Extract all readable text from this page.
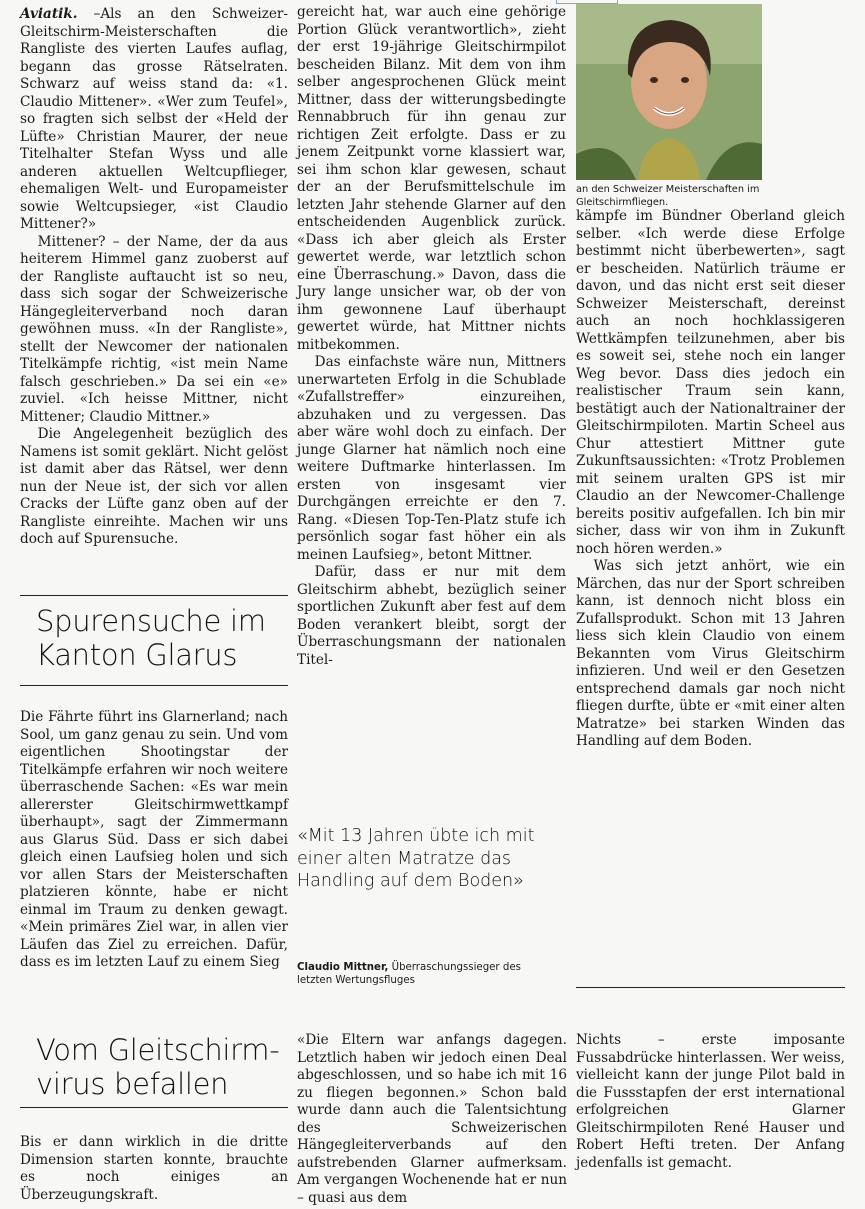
Aviatik. –Als an den Schweizer-Gleitschirm-Meisterschaften die Rangliste des vierten Laufes auflag, begann das grosse Rätselraten. Schwarz auf weiss stand da: «1. Claudio Mittener». «Wer zum Teufel», so fragten sich selbst der «Held der Lüfte» Christian Maurer, der neue Titelhalter Stefan Wyss und alle anderen aktuellen Weltcupflieger, ehemaligen Welt- und Europameister sowie Weltcupsieger, «ist Claudio Mittener?»

Mittener? – der Name, der da aus heiterem Himmel ganz zuoberst auf der Rangliste auftaucht ist so neu, dass sich sogar der Schweizerische Hängegleiterverband noch daran gewöhnen muss. «In der Rangliste», stellt der Newcomer der nationalen Titelkämpfe richtig, «ist mein Name falsch geschrieben.» Da sei ein «e» zuviel. «Ich heisse Mittner, nicht Mittener; Claudio Mittner.»

Die Angelegenheit bezüglich des Namens ist somit geklärt. Nicht gelöst ist damit aber das Rätsel, wer denn nun der Neue ist, der sich vor allen Cracks der Lüfte ganz oben auf der Rangliste einreihte. Machen wir uns doch auf Spurensuche.

Spurensuche im Kanton Glarus

Die Fährte führt ins Glarnerland; nach Sool, um ganz genau zu sein. Und vom eigentlichen Shootingstar der Titelkämpfe erfahren wir noch weitere überraschende Sachen: «Es war mein allererster Gleitschirmwettkampf überhaupt», sagt der Zimmermann aus Glarus Süd. Dass er sich dabei gleich einen Laufsieg holen und sich vor allen Stars der Meisterschaften platzieren könnte, habe er nicht einmal im Traum zu denken gewagt. «Mein primäres Ziel war, in allen vier Läufen das Ziel zu erreichen. Dafür, dass es im letzten Lauf zu einem Sieg

gereicht hat, war auch eine gehörige Portion Glück verantwortlich», zieht der erst 19-jährige Gleitschirmpilot bescheiden Bilanz. Mit dem von ihm selber angesprochenen Glück meint Mittner, dass der witterungsbedingte Rennabbruch für ihn genau zur richtigen Zeit erfolgte. Dass er zu jenem Zeitpunkt vorne klassiert war, sei ihm schon klar gewesen, schaut der an der Berufsmittelschule im letzten Jahr stehende Glarner auf den entscheidenden Augenblick zurück. «Dass ich aber gleich als Erster gewertet werde, war letztlich schon eine Überraschung.» Davon, dass die Jury lange unsicher war, ob der von ihm gewonnene Lauf überhaupt gewertet würde, hat Mittner nichts mitbekommen.

Das einfachste wäre nun, Mittners unerwarteten Erfolg in die Schublade «Zufallstreffer» einzureihen, abzuhaken und zu vergessen. Das aber wäre wohl doch zu einfach. Der junge Glarner hat nämlich noch eine weitere Duftmarke hinterlassen. Im ersten von insgesamt vier Durchgängen erreichte er den 7. Rang. «Diesen Top-Ten-Platz stufe ich persönlich sogar fast höher ein als meinen Laufsieg», betont Mittner.

Dafür, dass er nur mit dem Gleitschirm abhebt, bezüglich seiner sportlichen Zukunft aber fest auf dem Boden verankert bleibt, sorgt der Überraschungsmann der nationalen Titel-

«Mit 13 Jahren übte ich mit einer alten Matratze das Handling auf dem Boden»
Claudio Mittner, Überraschungssieger des letzten Wertungsfluges
an den Schweizer Meisterschaften im Gleitschirmfliegen.

kämpfe im Bündner Oberland gleich selber. «Ich werde diese Erfolge bestimmt nicht überbewerten», sagt er bescheiden. Natürlich träume er davon, und das nicht erst seit dieser Schweizer Meisterschaft, dereinst auch an noch hochklassigeren Wettkämpfen teilzunehmen, aber bis es soweit sei, stehe noch ein langer Weg bevor. Dass dies jedoch ein realistischer Traum sein kann, bestätigt auch der Nationaltrainer der Gleitschirmpiloten. Martin Scheel aus Chur attestiert Mittner gute Zukunftsaussichten: «Trotz Problemen mit seinem uralten GPS ist mir Claudio an der Newcomer-Challenge bereits positiv aufgefallen. Ich bin mir sicher, dass wir von ihm in Zukunft noch hören werden.»

Was sich jetzt anhört, wie ein Märchen, das nur der Sport schreiben kann, ist dennoch nicht bloss ein Zufallsprodukt. Schon mit 13 Jahren liess sich klein Claudio von einem Bekannten vom Virus Gleitschirm infizieren. Und weil er den Gesetzen entsprechend damals gar noch nicht fliegen durfte, übte er «mit einer alten Matratze» bei starken Winden das Handling auf dem Boden.

Vom Gleitschirm-virus befallen

Bis er dann wirklich in die dritte Dimension starten konnte, brauchte es noch einiges an Überzeugungskraft.

«Die Eltern war anfangs dagegen. Letztlich haben wir jedoch einen Deal abgeschlossen, und so habe ich mit 16 zu fliegen begonnen.» Schon bald wurde dann auch die Talentsichtung des Schweizerischen Hängegleiterverbands auf den aufstrebenden Glarner aufmerksam. Am vergangen Wochenende hat er nun – quasi aus dem

Nichts – erste imposante Fussabdrücke hinterlassen. Wer weiss, vielleicht kann der junge Pilot bald in die Fussstapfen der erst international erfolgreichen Glarner Gleitschirmpiloten René Hauser und Robert Hefti treten. Der Anfang jedenfalls ist gemacht.
